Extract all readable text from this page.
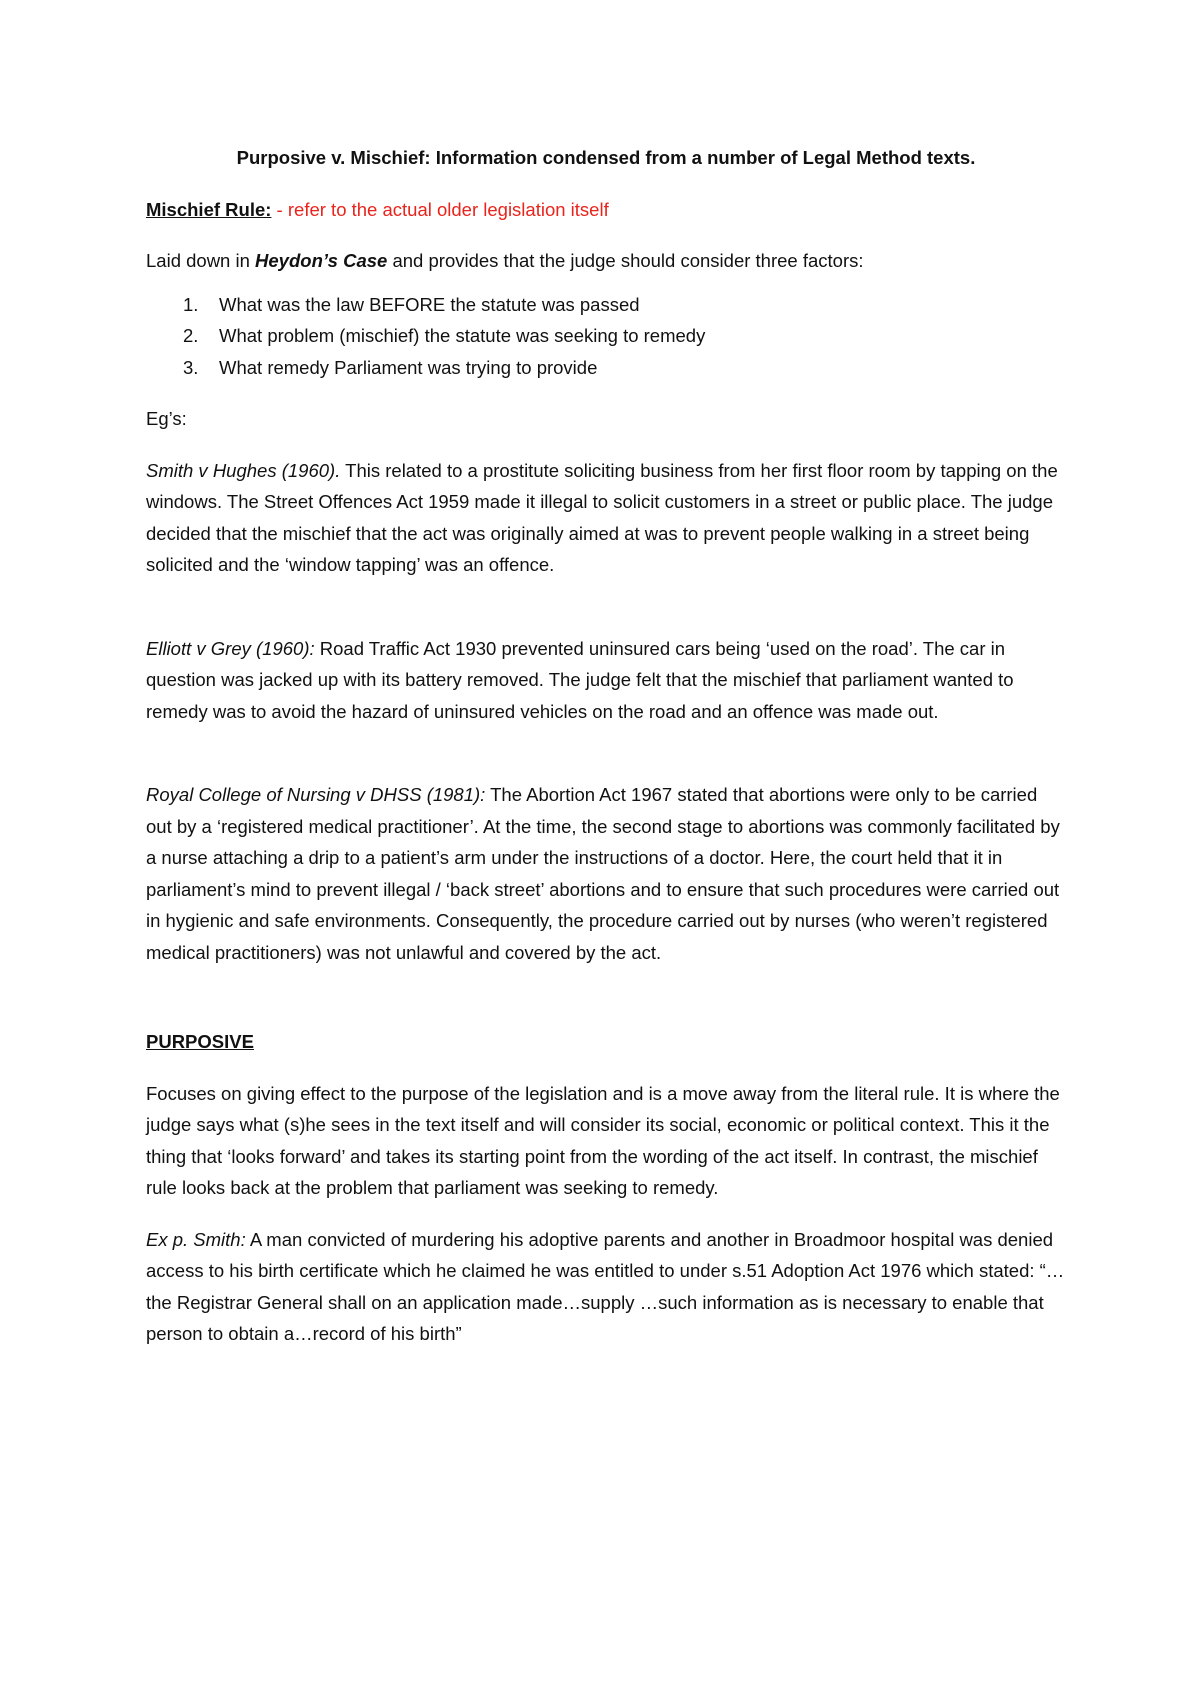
Purposive v. Mischief: Information condensed from a number of Legal Method texts.

Mischief Rule: - refer to the actual older legislation itself

Laid down in Heydon’s Case and provides that the judge should consider three factors:

1. What was the law BEFORE the statute was passed
2. What problem (mischief) the statute was seeking to remedy
3. What remedy Parliament was trying to provide

Eg’s:

Smith v Hughes (1960). This related to a prostitute soliciting business from her first floor room by tapping on the windows. The Street Offences Act 1959 made it illegal to solicit customers in a street or public place. The judge decided that the mischief that the act was originally aimed at was to prevent people walking in a street being solicited and the ‘window tapping’ was an offence.

Elliott v Grey (1960): Road Traffic Act 1930 prevented uninsured cars being ‘used on the road’. The car in question was jacked up with its battery removed. The judge felt that the mischief that parliament wanted to remedy was to avoid the hazard of uninsured vehicles on the road and an offence was made out.

Royal College of Nursing v DHSS (1981): The Abortion Act 1967 stated that abortions were only to be carried out by a ‘registered medical practitioner’. At the time, the second stage to abortions was commonly facilitated by a nurse attaching a drip to a patient’s arm under the instructions of a doctor. Here, the court held that it in parliament’s mind to prevent illegal / ‘back street’ abortions and to ensure that such procedures were carried out in hygienic and safe environments. Consequently, the procedure carried out by nurses (who weren’t registered medical practitioners) was not unlawful and covered by the act.

PURPOSIVE

Focuses on giving effect to the purpose of the legislation and is a move away from the literal rule. It is where the judge says what (s)he sees in the text itself and will consider its social, economic or political context. This it the thing that ‘looks forward’ and takes its starting point from the wording of the act itself. In contrast, the mischief rule looks back at the problem that parliament was seeking to remedy.

Ex p. Smith: A man convicted of murdering his adoptive parents and another in Broadmoor hospital was denied access to his birth certificate which he claimed he was entitled to under s.51 Adoption Act 1976 which stated: “… the Registrar General shall on an application made…supply …such information as is necessary to enable that person to obtain a…record of his birth”
